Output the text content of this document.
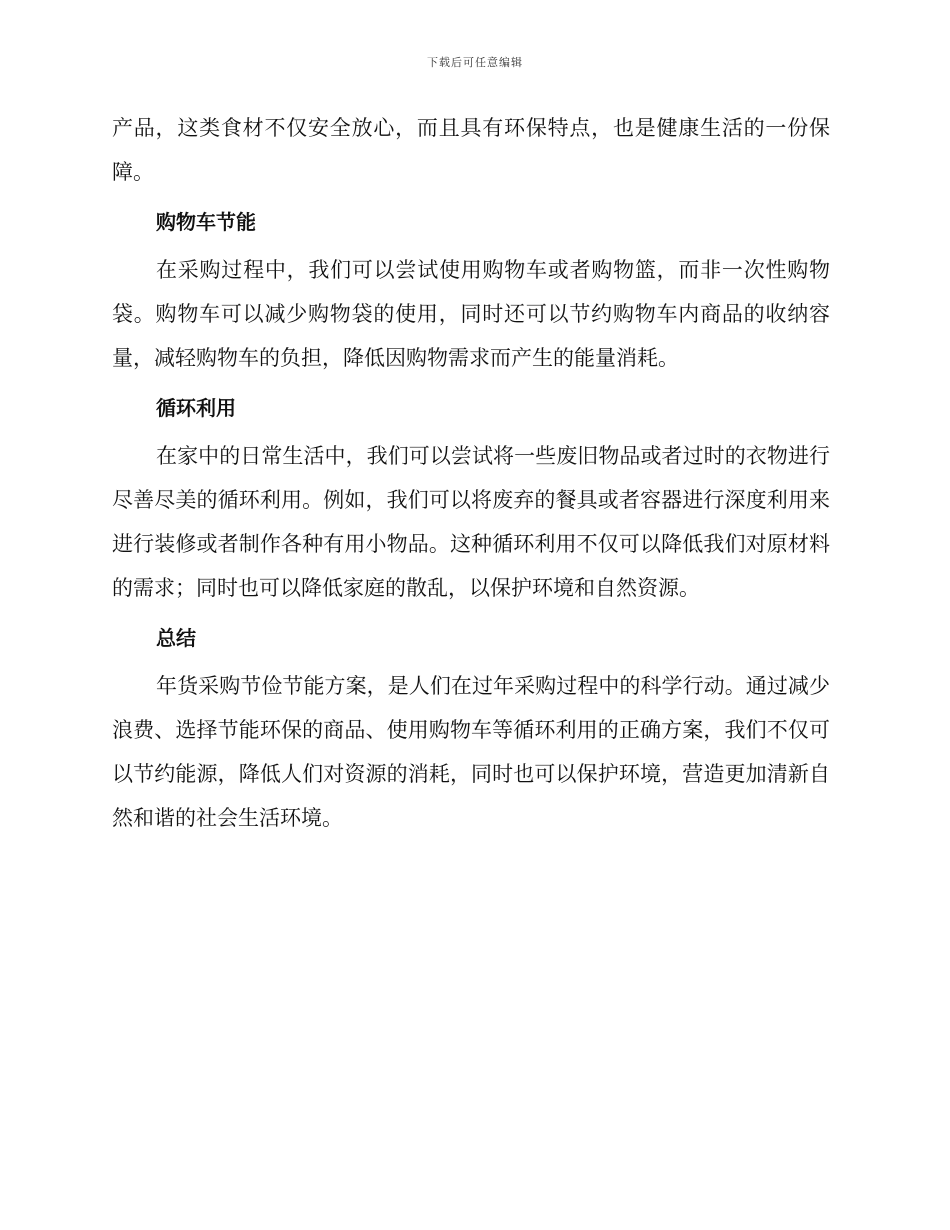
下载后可任意编辑

产品，这类食材不仅安全放心，而且具有环保特点，也是健康生活的一份保障。

购物车节能

在采购过程中，我们可以尝试使用购物车或者购物篮，而非一次性购物袋。购物车可以减少购物袋的使用，同时还可以节约购物车内商品的收纳容量，减轻购物车的负担，降低因购物需求而产生的能量消耗。

循环利用

在家中的日常生活中，我们可以尝试将一些废旧物品或者过时的衣物进行尽善尽美的循环利用。例如，我们可以将废弃的餐具或者容器进行深度利用来进行装修或者制作各种有用小物品。这种循环利用不仅可以降低我们对原材料的需求；同时也可以降低家庭的散乱，以保护环境和自然资源。

总结

年货采购节俭节能方案，是人们在过年采购过程中的科学行动。通过减少浪费、选择节能环保的商品、使用购物车等循环利用的正确方案，我们不仅可以节约能源，降低人们对资源的消耗，同时也可以保护环境，营造更加清新自然和谐的社会生活环境。
